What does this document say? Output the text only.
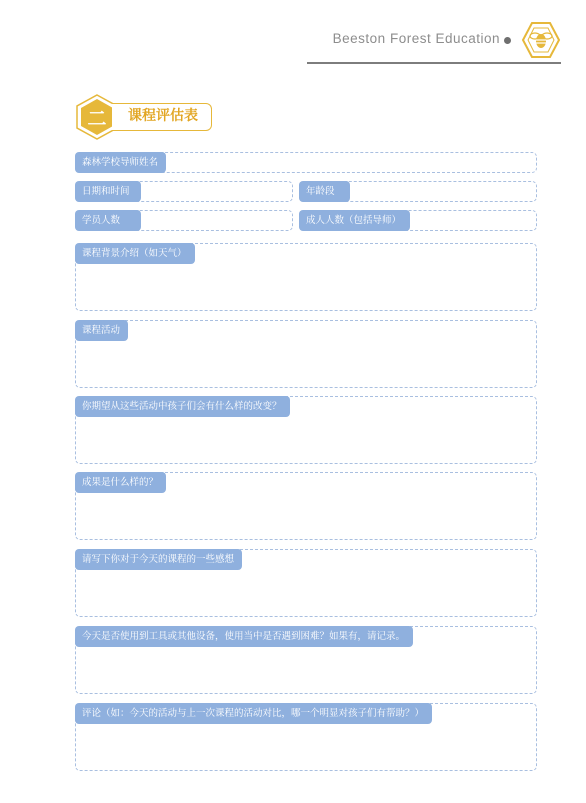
Beeston Forest Education
课程评估表
二
森林学校导师姓名
日期和时间	年龄段
学员人数	成人人数（包括导师）
课程背景介绍（如天气）
课程活动
你期望从这些活动中孩子们会有什么样的改变？
成果是什么样的？
请写下你对于今天的课程的一些感想
今天是否使用到工具或其他设备，使用当中是否遇到困难？如果有，请记录。
评论（如：今天的活动与上一次课程的活动对比，哪一个明显对孩子们有帮助？）
